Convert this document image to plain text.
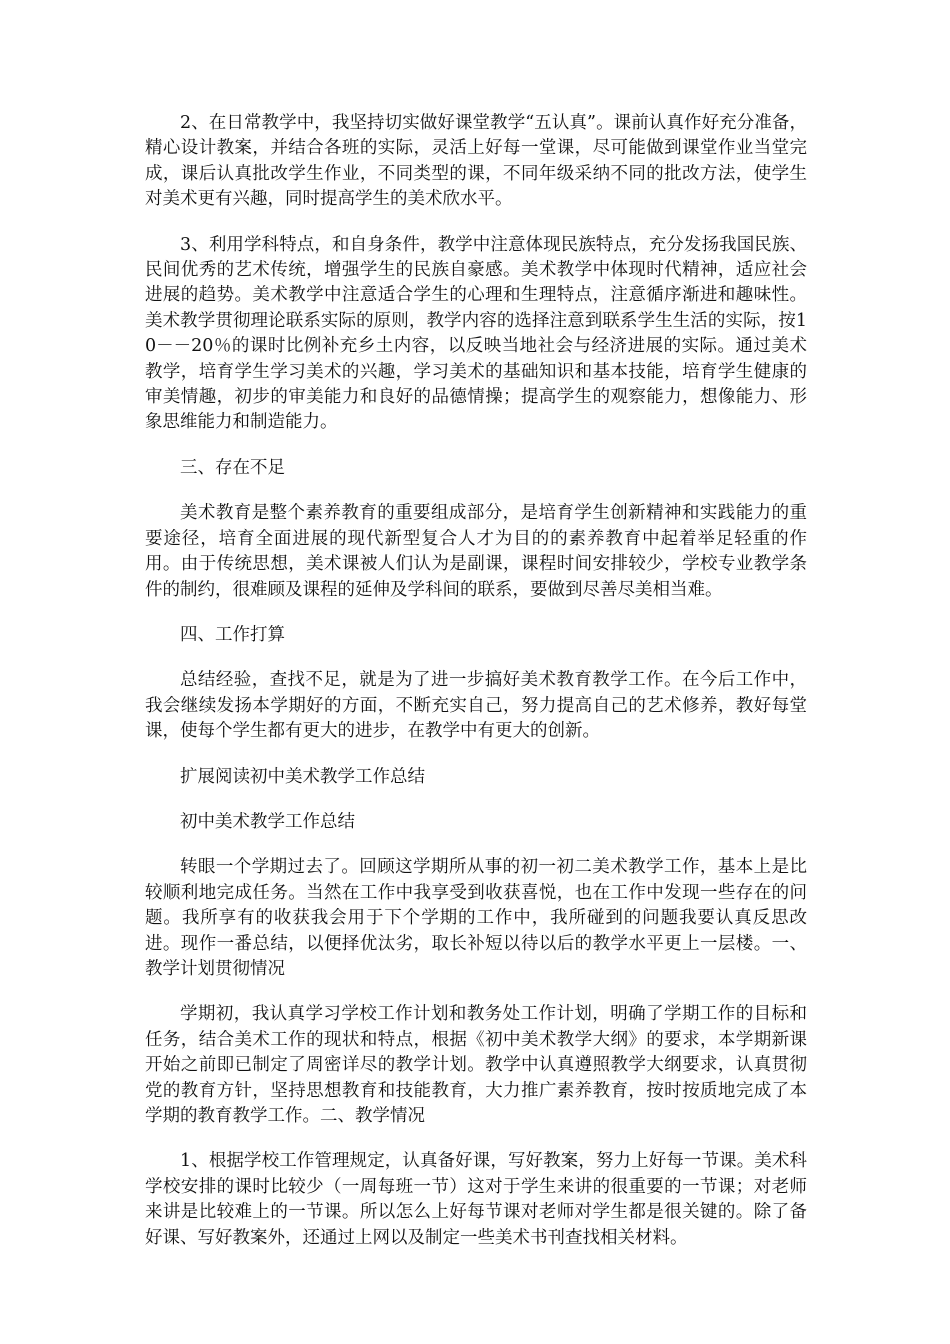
2、在日常教学中，我坚持切实做好课堂教学“五认真”。课前认真作好充分准备，精心设计教案，并结合各班的实际，灵活上好每一堂课，尽可能做到课堂作业当堂完成，课后认真批改学生作业，不同类型的课，不同年级采纳不同的批改方法，使学生对美术更有兴趣，同时提高学生的美术欣水平。

3、利用学科特点，和自身条件，教学中注意体现民族特点，充分发扬我国民族、民间优秀的艺术传统，增强学生的民族自豪感。美术教学中体现时代精神，适应社会进展的趋势。美术教学中注意适合学生的心理和生理特点，注意循序渐进和趣味性。美术教学贯彻理论联系实际的原则，教学内容的选择注意到联系学生生活的实际，按10－－20％的课时比例补充乡土内容，以反映当地社会与经济进展的实际。通过美术教学，培育学生学习美术的兴趣，学习美术的基础知识和基本技能，培育学生健康的审美情趣，初步的审美能力和良好的品德情操；提高学生的观察能力，想像能力、形象思维能力和制造能力。

三、存在不足

美术教育是整个素养教育的重要组成部分，是培育学生创新精神和实践能力的重要途径，培育全面进展的现代新型复合人才为目的的素养教育中起着举足轻重的作用。由于传统思想，美术课被人们认为是副课，课程时间安排较少，学校专业教学条件的制约，很难顾及课程的延伸及学科间的联系，要做到尽善尽美相当难。

四、工作打算

总结经验，查找不足，就是为了进一步搞好美术教育教学工作。在今后工作中，我会继续发扬本学期好的方面，不断充实自己，努力提高自己的艺术修养，教好每堂课，使每个学生都有更大的进步，在教学中有更大的创新。

扩展阅读初中美术教学工作总结

初中美术教学工作总结

转眼一个学期过去了。回顾这学期所从事的初一初二美术教学工作，基本上是比较顺利地完成任务。当然在工作中我享受到收获喜悦，也在工作中发现一些存在的问题。我所享有的收获我会用于下个学期的工作中，我所碰到的问题我要认真反思改进。现作一番总结，以便择优汰劣，取长补短以待以后的教学水平更上一层楼。一、教学计划贯彻情况

学期初，我认真学习学校工作计划和教务处工作计划，明确了学期工作的目标和任务，结合美术工作的现状和特点，根据《初中美术教学大纲》的要求，本学期新课开始之前即已制定了周密详尽的教学计划。教学中认真遵照教学大纲要求，认真贯彻党的教育方针，坚持思想教育和技能教育，大力推广素养教育，按时按质地完成了本学期的教育教学工作。二、教学情况

1、根据学校工作管理规定，认真备好课，写好教案，努力上好每一节课。美术科学校安排的课时比较少（一周每班一节）这对于学生来讲的很重要的一节课；对老师来讲是比较难上的一节课。所以怎么上好每节课对老师对学生都是很关键的。除了备好课、写好教案外，还通过上网以及制定一些美术书刊查找相关材料。
